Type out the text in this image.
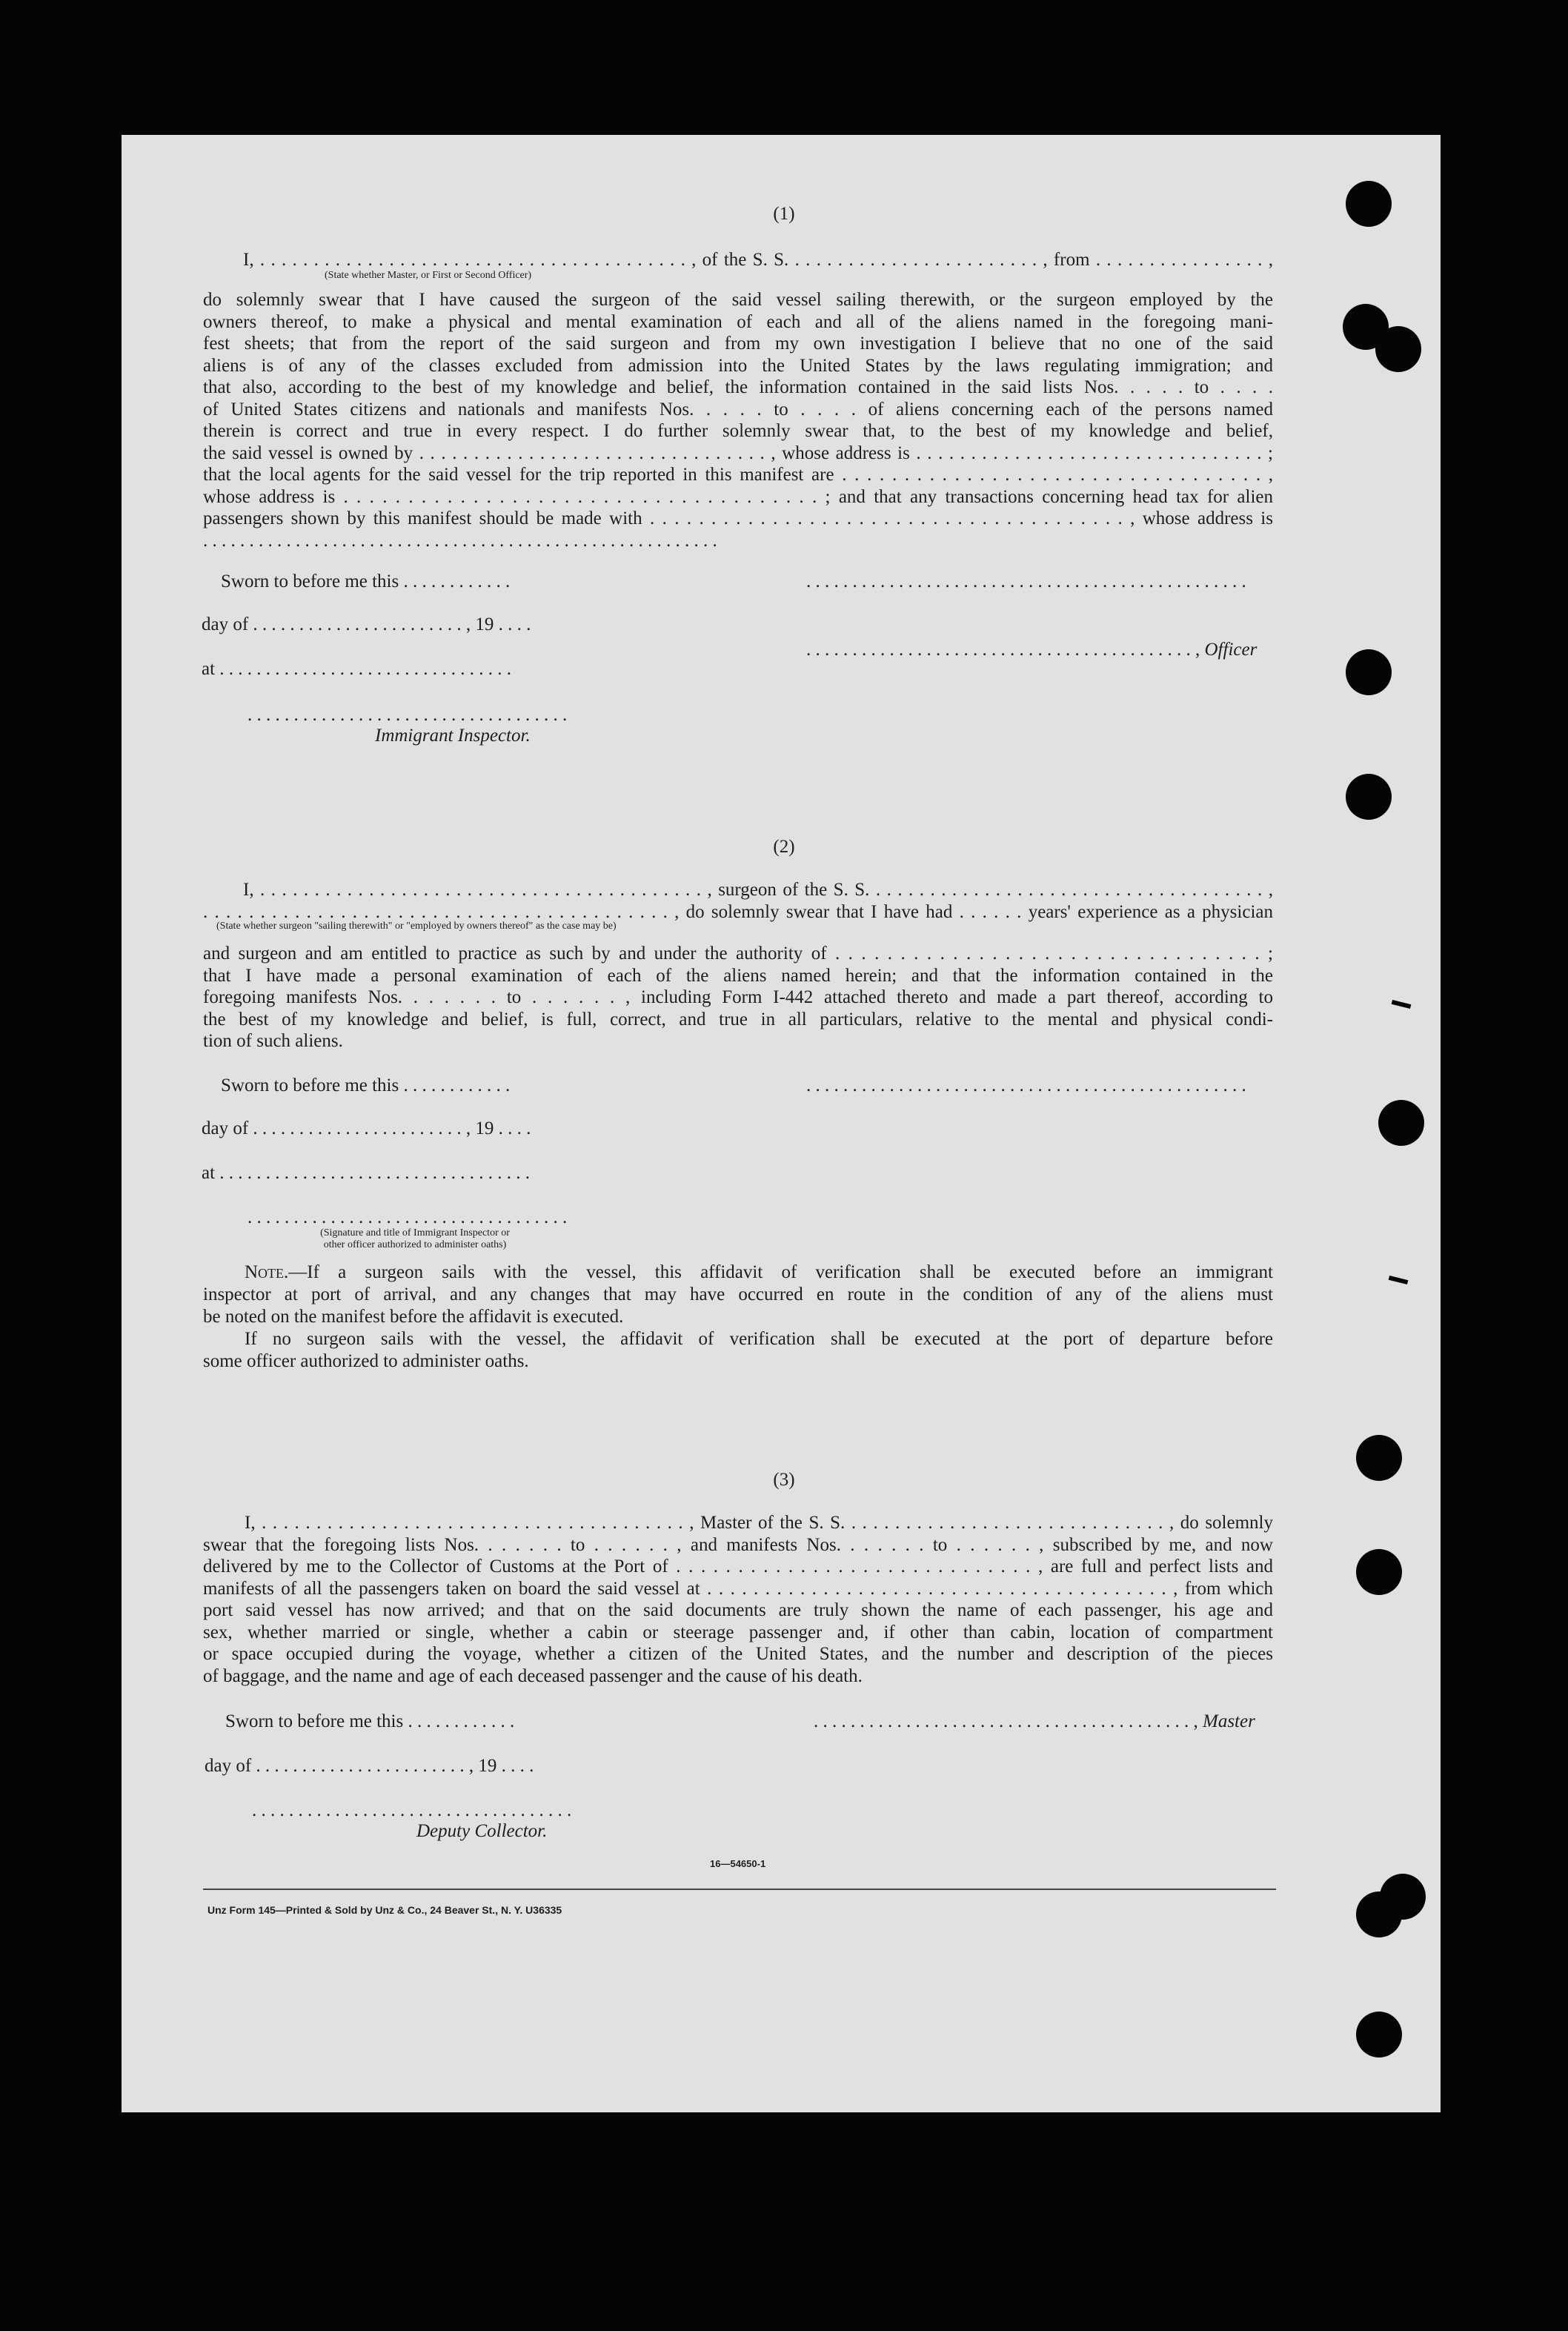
(1)
I, . . . . . . . . . . . . . . . . . . . . . . . . . . . . . . . . . . . . . . . . , of the S. S. . . . . . . . . . . . . . . . . . . . . . . . , from . . . . . . . . . . . . . . . . ,
(State whether Master, or First or Second Officer)
do solemnly swear that I have caused the surgeon of the said vessel sailing therewith, or the surgeon employed by the
owners thereof, to make a physical and mental examination of each and all of the aliens named in the foregoing mani-
fest sheets; that from the report of the said surgeon and from my own investigation I believe that no one of the said
aliens is of any of the classes excluded from admission into the United States by the laws regulating immigration; and
that also, according to the best of my knowledge and belief, the information contained in the said lists Nos. . . . . to . . . .
of United States citizens and nationals and manifests Nos. . . . . to . . . . of aliens concerning each of the persons named
therein is correct and true in every respect. I do further solemnly swear that, to the best of my knowledge and belief,
the said vessel is owned by . . . . . . . . . . . . . . . . . . . . . . . . . . . . . . . . , whose address is . . . . . . . . . . . . . . . . . . . . . . . . . . . . . . . . ;
that the local agents for the said vessel for the trip reported in this manifest are . . . . . . . . . . . . . . . . . . . . . . . . . . . . . . . . . . ,
whose address is . . . . . . . . . . . . . . . . . . . . . . . . . . . . . . . . . . . . . ; and that any transactions concerning head tax for alien
passengers shown by this manifest should be made with . . . . . . . . . . . . . . . . . . . . . . . . . . . . . . . . . . . . . . . , whose address is
. . . . . . . . . . . . . . . . . . . . . . . . . . . . . . . . . . . . . . . . . . . . . . . . . . . . . . . .
Sworn to before me this . . . . . . . . . . . .	. . . . . . . . . . . . . . . . . . . . . . . . . . . . . . . . . . . . . . . . . . . . . . . .
day of . . . . . . . . . . . . . . . . . . . . . . . , 19 . . . .
. . . . . . . . . . . . . . . . . . . . . . . . . . . . . . . . . . . . . . . . . . , Officer
at . . . . . . . . . . . . . . . . . . . . . . . . . . . . . . . .
. . . . . . . . . . . . . . . . . . . . . . . . . . . . . . . . . . .
Immigrant Inspector.
(2)
I, . . . . . . . . . . . . . . . . . . . . . . . . . . . . . . . . . . . . . . . . . , surgeon of the S. S. . . . . . . . . . . . . . . . . . . . . . . . . . . . . . . . . . . . . ,
. . . . . . . . . . . . . . . . . . . . . . . . . . . . . . . . . . . . . . . . . , do solemnly swear that I have had . . . . . . years' experience as a physician
(State whether surgeon "sailing therewith" or "employed by owners thereof" as the case may be)
and surgeon and am entitled to practice as such by and under the authority of . . . . . . . . . . . . . . . . . . . . . . . . . . . . . . . . . ;
that I have made a personal examination of each of the aliens named herein; and that the information contained in the
foregoing manifests Nos. . . . . . . to . . . . . . , including Form I-442 attached thereto and made a part thereof, according to
the best of my knowledge and belief, is full, correct, and true in all particulars, relative to the mental and physical condi-
tion of such aliens.
Sworn to before me this . . . . . . . . . . . .	. . . . . . . . . . . . . . . . . . . . . . . . . . . . . . . . . . . . . . . . . . . . . . . .
day of . . . . . . . . . . . . . . . . . . . . . . . , 19 . . . .
at . . . . . . . . . . . . . . . . . . . . . . . . . . . . . . . . . .
. . . . . . . . . . . . . . . . . . . . . . . . . . . . . . . . . . .
(Signature and title of Immigrant Inspector or
other officer authorized to administer oaths)
Note.—If a surgeon sails with the vessel, this affidavit of verification shall be executed before an immigrant
inspector at port of arrival, and any changes that may have occurred en route in the condition of any of the aliens must
be noted on the manifest before the affidavit is executed.
If no surgeon sails with the vessel, the affidavit of verification shall be executed at the port of departure before
some officer authorized to administer oaths.
(3)
I, . . . . . . . . . . . . . . . . . . . . . . . . . . . . . . . . . . . . . . . , Master of the S. S. . . . . . . . . . . . . . . . . . . . . . . . . . . . . . , do solemnly
swear that the foregoing lists Nos. . . . . . . to . . . . . . , and manifests Nos. . . . . . . to . . . . . . , subscribed by me, and now
delivered by me to the Collector of Customs at the Port of . . . . . . . . . . . . . . . . . . . . . . . . . . . . . , are full and perfect lists and
manifests of all the passengers taken on board the said vessel at . . . . . . . . . . . . . . . . . . . . . . . . . . . . . . . . . . . . . . . . , from which
port said vessel has now arrived; and that on the said documents are truly shown the name of each passenger, his age and
sex, whether married or single, whether a cabin or steerage passenger and, if other than cabin, location of compartment
or space occupied during the voyage, whether a citizen of the United States, and the number and description of the pieces
of baggage, and the name and age of each deceased passenger and the cause of his death.
Sworn to before me this . . . . . . . . . . . .	. . . . . . . . . . . . . . . . . . . . . . . . . . . . . . . . . . . . . . . . . , Master
day of . . . . . . . . . . . . . . . . . . . . . . . , 19 . . . .
. . . . . . . . . . . . . . . . . . . . . . . . . . . . . . . . . . .
Deputy Collector.
16—54650-1
Unz Form 145—Printed & Sold by Unz & Co., 24 Beaver St., N. Y. U36335
